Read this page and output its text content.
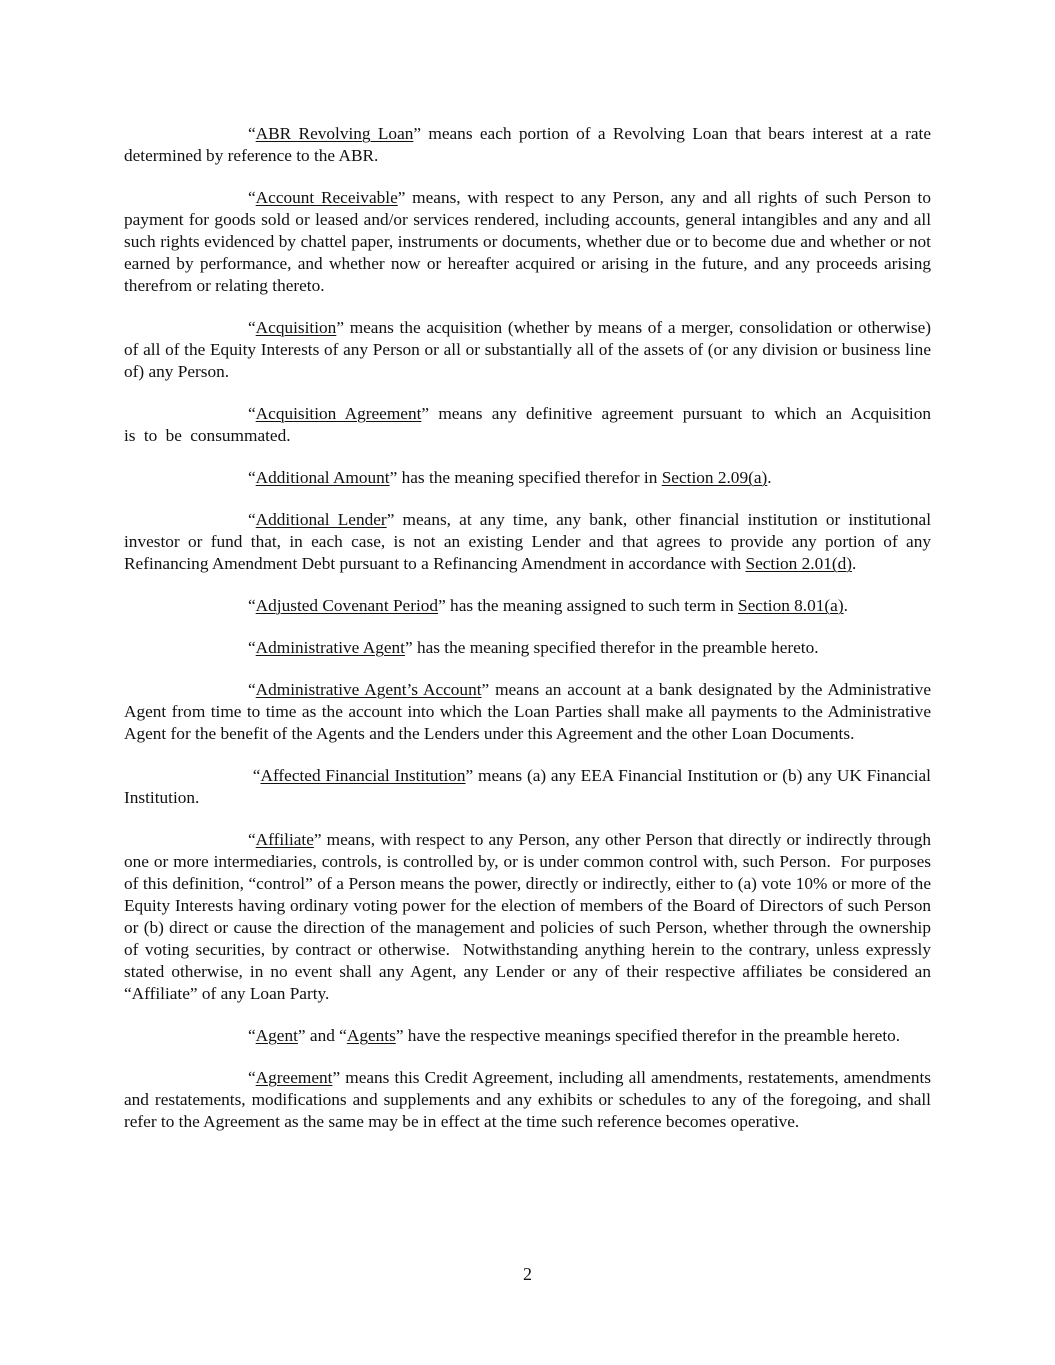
“ABR Revolving Loan” means each portion of a Revolving Loan that bears interest at a rate determined by reference to the ABR.

“Account Receivable” means, with respect to any Person, any and all rights of such Person to payment for goods sold or leased and/or services rendered, including accounts, general intangibles and any and all such rights evidenced by chattel paper, instruments or documents, whether due or to become due and whether or not earned by performance, and whether now or hereafter acquired or arising in the future, and any proceeds arising therefrom or relating thereto.

“Acquisition” means the acquisition (whether by means of a merger, consolidation or otherwise) of all of the Equity Interests of any Person or all or substantially all of the assets of (or any division or business line of) any Person.

“Acquisition Agreement” means any definitive agreement pursuant to which an Acquisition is to be consummated.

“Additional Amount” has the meaning specified therefor in Section 2.09(a).

“Additional Lender” means, at any time, any bank, other financial institution or institutional investor or fund that, in each case, is not an existing Lender and that agrees to provide any portion of any Refinancing Amendment Debt pursuant to a Refinancing Amendment in accordance with Section 2.01(d).

“Adjusted Covenant Period” has the meaning assigned to such term in Section 8.01(a).

“Administrative Agent” has the meaning specified therefor in the preamble hereto.

“Administrative Agent’s Account” means an account at a bank designated by the Administrative Agent from time to time as the account into which the Loan Parties shall make all payments to the Administrative Agent for the benefit of the Agents and the Lenders under this Agreement and the other Loan Documents.

“Affected Financial Institution” means (a) any EEA Financial Institution or (b) any UK Financial Institution.

“Affiliate” means, with respect to any Person, any other Person that directly or indirectly through one or more intermediaries, controls, is controlled by, or is under common control with, such Person.  For purposes of this definition, “control” of a Person means the power, directly or indirectly, either to (a) vote 10% or more of the Equity Interests having ordinary voting power for the election of members of the Board of Directors of such Person or (b) direct or cause the direction of the management and policies of such Person, whether through the ownership of voting securities, by contract or otherwise.  Notwithstanding anything herein to the contrary, unless expressly stated otherwise, in no event shall any Agent, any Lender or any of their respective affiliates be considered an “Affiliate” of any Loan Party.

“Agent” and “Agents” have the respective meanings specified therefor in the preamble hereto.

“Agreement” means this Credit Agreement, including all amendments, restatements, amendments and restatements, modifications and supplements and any exhibits or schedules to any of the foregoing, and shall refer to the Agreement as the same may be in effect at the time such reference becomes operative.

2
